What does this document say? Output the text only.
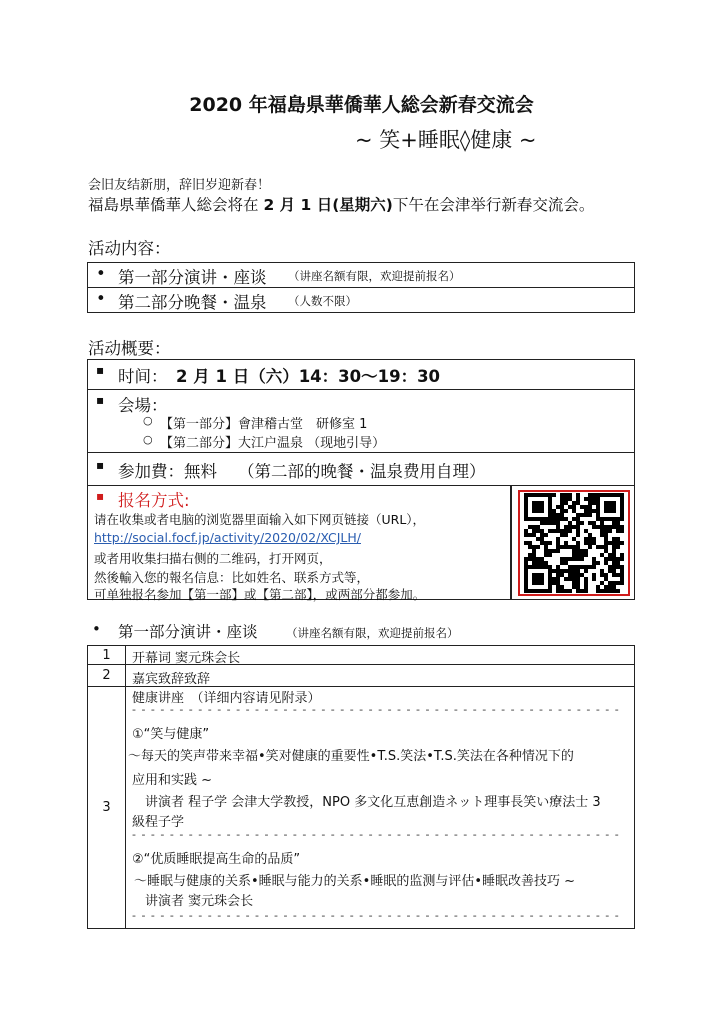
2020 年福島県華僑華人総会新春交流会
~ 笑+睡眠◊健康 ~
会旧友结新朋，辞旧岁迎新春！
福島県華僑華人総会将在 2 月 1 日(星期六)下午在会津举行新春交流会。
活动内容：
• 第一部分演讲・座谈 （讲座名额有限，欢迎提前报名）
• 第二部分晚餐・温泉 （人数不限）
活动概要：
▪ 时间： 2 月 1 日（六）14：30～19：30
▪ 会場：
○ 【第一部分】會津稽古堂　研修室 1
○ 【第二部分】大江户温泉 （现地引导）
▪ 参加費：無料 （第二部的晚餐・温泉费用自理）
▪ 报名方式:
请在收集或者电脑的浏览器里面输入如下网页链接（URL），
http://social.focf.jp/activity/2020/02/XCJLH/
或者用收集扫描右侧的二维码，打开网页，
然後輸入您的報名信息：比如姓名、联系方式等，
可单独报名参加【第一部】或【第二部】，或两部分都参加。
• 第一部分演讲・座谈 （讲座名额有限，欢迎提前报名）
1	开幕词 窦元珠会长
2	嘉宾致辞致辞
3
健康讲座　（详细内容请见附录）
- - - - - - - - - - - - - - - - - - - - - - - - - - - - - - - - - - - - - - - - - - - - - - - - - - - -
①“笑与健康”
～每天的笑声带来幸福•笑对健康的重要性•T.S.笑法•T.S.笑法在各种情况下的
应用和实践 ~
　讲演者 程子学 会津大学教授，NPO 多文化互恵創造ネット理事長笑い療法士 3
級程子学
- - - - - - - - - - - - - - - - - - - - - - - - - - - - - - - - - - - - - - - - - - - - - - - - - - - -
②“优质睡眠提高生命的品质”
～睡眠与健康的关系•睡眠与能力的关系•睡眠的监测与评估•睡眠改善技巧 ~
　讲演者 窦元珠会长
- - - - - - - - - - - - - - - - - - - - - - - - - - - - - - - - - - - - - - - - - - - - - - - - - - - -
